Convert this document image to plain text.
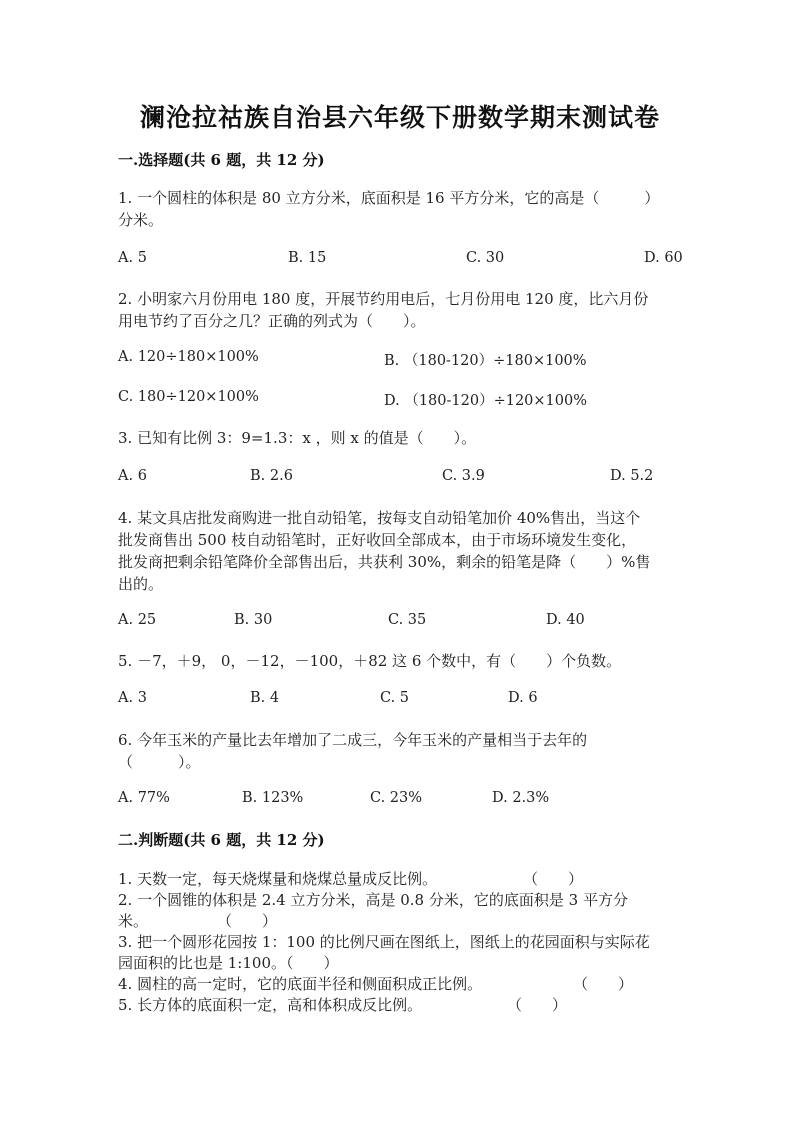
澜沧拉祜族自治县六年级下册数学期末测试卷
一.选择题(共 6 题，共 12 分)
1. 一个圆柱的体积是 80 立方分米，底面积是 16 平方分米，它的高是（　　　）
分米。
A. 5	B. 15	C. 30	D. 60
2. 小明家六月份用电 180 度，开展节约用电后，七月份用电 120 度，比六月份
用电节约了百分之几？正确的列式为（　　）。
A. 120÷180×100%	B. （180-120）÷180×100%
C. 180÷120×100%	D. （180-120）÷120×100%
3. 已知有比例 3：9=1.3：x ，则 x 的值是（　　）。
A. 6	B. 2.6	C. 3.9	D. 5.2
4. 某文具店批发商购进一批自动铅笔，按每支自动铅笔加价 40%售出，当这个
批发商售出 500 枝自动铅笔时，正好收回全部成本，由于市场环境发生变化，
批发商把剩余铅笔降价全部售出后，共获利 30%，剩余的铅笔是降（　　）%售
出的。
A. 25	B. 30	C. 35	D. 40
5. －7，＋9， 0，－12，－100，＋82 这 6 个数中，有（　　）个负数。
A. 3	B. 4	C. 5	D. 6
6. 今年玉米的产量比去年增加了二成三，今年玉米的产量相当于去年的
（　　　）。
A. 77%	B. 123%	C. 23%	D. 2.3%
二.判断题(共 6 题，共 12 分)
1. 天数一定，每天烧煤量和烧煤总量成反比例。	（　　）
2. 一个圆锥的体积是 2.4 立方分米，高是 0.8 分米，它的底面积是 3 平方分
米。	（　　）
3. 把一个圆形花园按 1：100 的比例尺画在图纸上，图纸上的花园面积与实际花
园面积的比也是 1:100。（　　）
4. 圆柱的高一定时，它的底面半径和侧面积成正比例。	（　　）
5. 长方体的底面积一定，高和体积成反比例。	（　　）
